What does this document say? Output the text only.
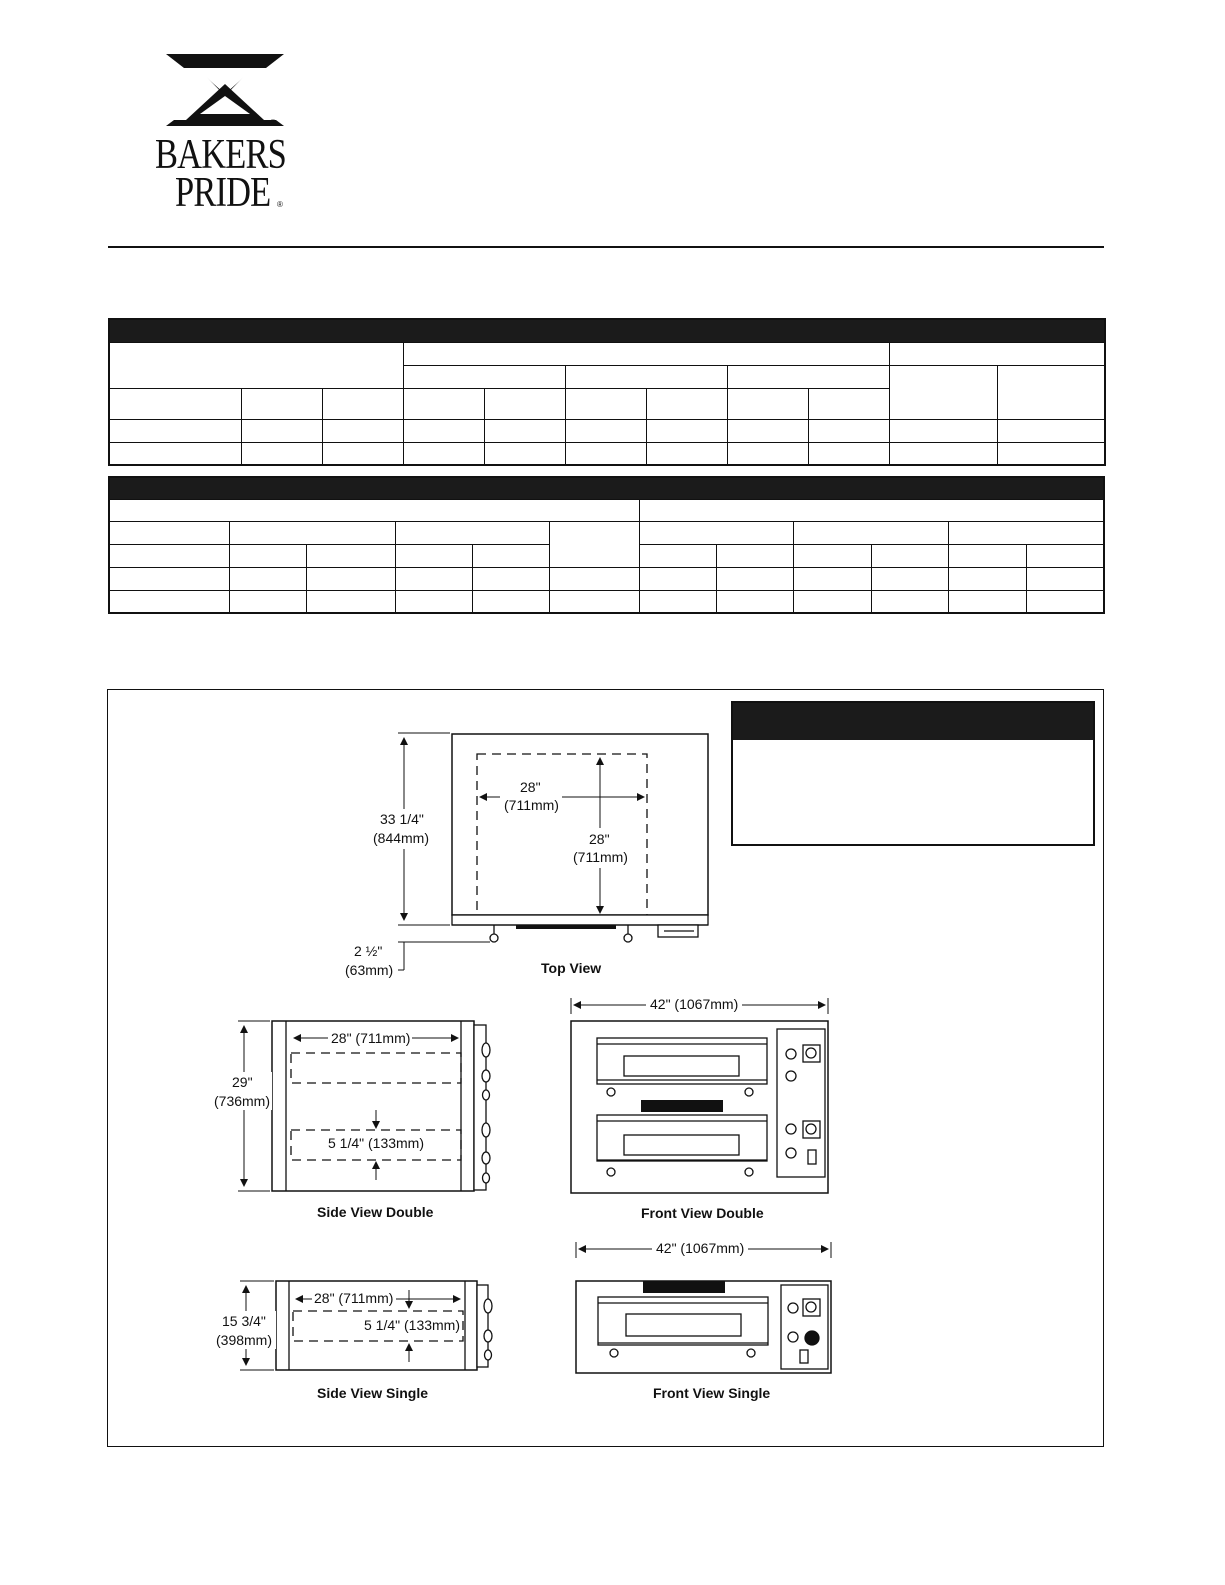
®
BAKERS
PRIDE ®

33 1/4"
(844mm)
28"
(711mm)
28"
(711mm)
2 ½"
(63mm)	Top View
28" (711mm)
5 1/4" (133mm)
29"
(736mm)
Side View Double
42" (1067mm)
Front View Double
28" (711mm)
5 1/4" (133mm)
15 3/4"
(398mm)
Side View Single
42" (1067mm)
Front View Single
